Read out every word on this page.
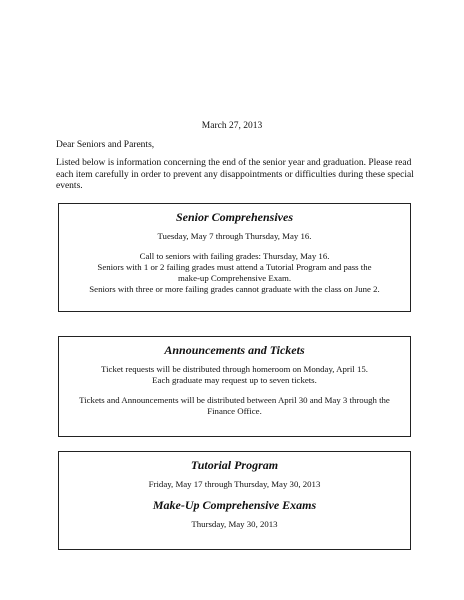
March 27, 2013
Dear Seniors and Parents,
Listed below is information concerning the end of the senior year and graduation. Please read
each item carefully in order to prevent any disappointments or difficulties during these special
events.
Senior Comprehensives
Tuesday, May 7 through Thursday, May 16.
Call to seniors with failing grades: Thursday, May 16.
Seniors with 1 or 2 failing grades must attend a Tutorial Program and pass the
make-up Comprehensive Exam.
Seniors with three or more failing grades cannot graduate with the class on June 2.
Announcements and Tickets
Ticket requests will be distributed through homeroom on Monday, April 15.
Each graduate may request up to seven tickets.
Tickets and Announcements will be distributed between April 30 and May 3 through the
Finance Office.
Tutorial Program
Friday, May 17 through Thursday, May 30, 2013
Make-Up Comprehensive Exams
Thursday, May 30, 2013
